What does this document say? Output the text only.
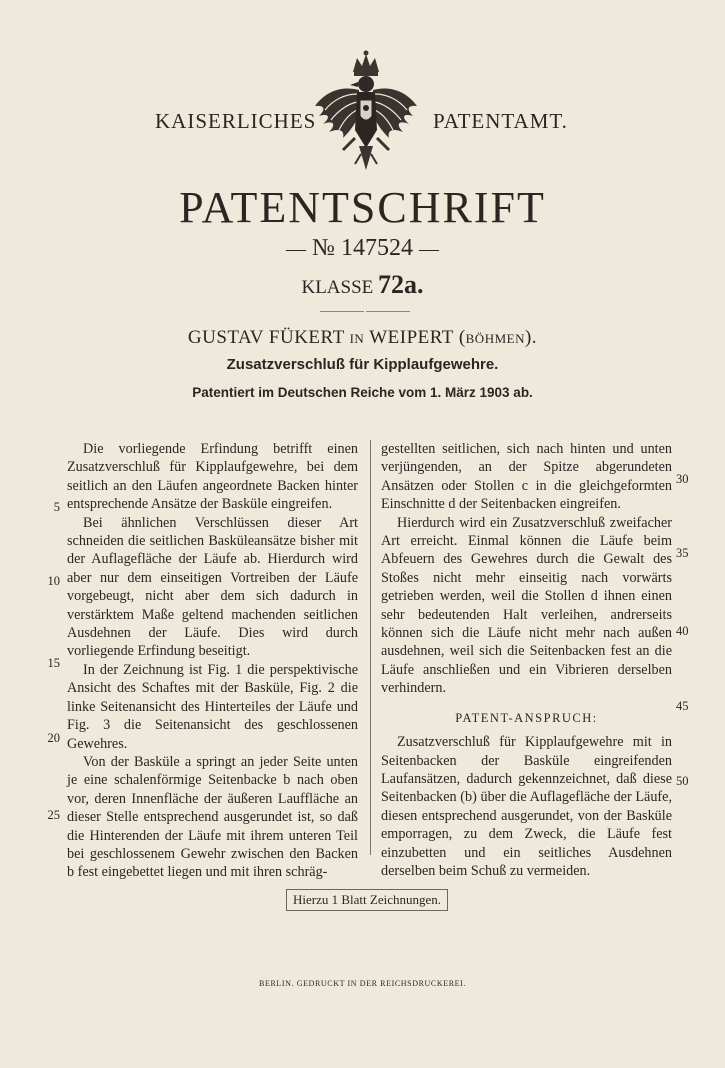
KAISERLICHES	PATENTAMT.
PATENTSCHRIFT
— № 147524 —
KLASSE 72a.
GUSTAV FÜKERT IN WEIPERT (BÖHMEN).
Zusatzverschluß für Kipplaufgewehre.
Patentiert im Deutschen Reiche vom 1. März 1903 ab.

Die vorliegende Erfindung betrifft einen Zusatzverschluß für Kipplaufgewehre, bei dem seitlich an den Läufen angeordnete Backen hinter entsprechende Ansätze der Basküle eingreifen.

Bei ähnlichen Verschlüssen dieser Art schneiden die seitlichen Basküleansätze bisher mit der Auflagefläche der Läufe ab. Hierdurch wird aber nur dem einseitigen Vortreiben der Läufe vorgebeugt, nicht aber dem sich dadurch in verstärktem Maße geltend machenden seitlichen Ausdehnen der Läufe. Dies wird durch vorliegende Erfindung beseitigt.

In der Zeichnung ist Fig. 1 die perspektivische Ansicht des Schaftes mit der Basküle, Fig. 2 die linke Seitenansicht des Hinterteiles der Läufe und Fig. 3 die Seitenansicht des geschlossenen Gewehres.

Von der Basküle a springt an jeder Seite unten je eine schalenförmige Seitenbacke b nach oben vor, deren Innenfläche der äußeren Lauffläche an dieser Stelle entsprechend ausgerundet ist, so daß die Hinterenden der Läufe mit ihrem unteren Teil bei geschlossenem Gewehr zwischen den Backen b fest eingebettet liegen und mit ihren schräg-

gestellten seitlichen, sich nach hinten und unten verjüngenden, an der Spitze abgerundeten Ansätzen oder Stollen c in die gleichgeformten Einschnitte d der Seitenbacken eingreifen.

Hierdurch wird ein Zusatzverschluß zweifacher Art erreicht. Einmal können die Läufe beim Abfeuern des Gewehres durch die Gewalt des Stoßes nicht mehr einseitig nach vorwärts getrieben werden, weil die Stollen d ihnen einen sehr bedeutenden Halt verleihen, andrerseits können sich die Läufe nicht mehr nach außen ausdehnen, weil sich die Seitenbacken fest an die Läufe anschließen und ein Vibrieren derselben verhindern.

PATENT-ANSPRUCH:

Zusatzverschluß für Kipplaufgewehre mit in Seitenbacken der Basküle eingreifenden Laufansätzen, dadurch gekennzeichnet, daß diese Seitenbacken (b) über die Auflagefläche der Läufe, diesen entsprechend ausgerundet, von der Basküle emporragen, zu dem Zweck, die Läufe fest einzubetten und ein seitliches Ausdehnen derselben beim Schuß zu vermeiden.

5
10
15
20
25
30
35
40
45
50
Hierzu 1 Blatt Zeichnungen.
BERLIN. GEDRUCKT IN DER REICHSDRUCKEREI.
